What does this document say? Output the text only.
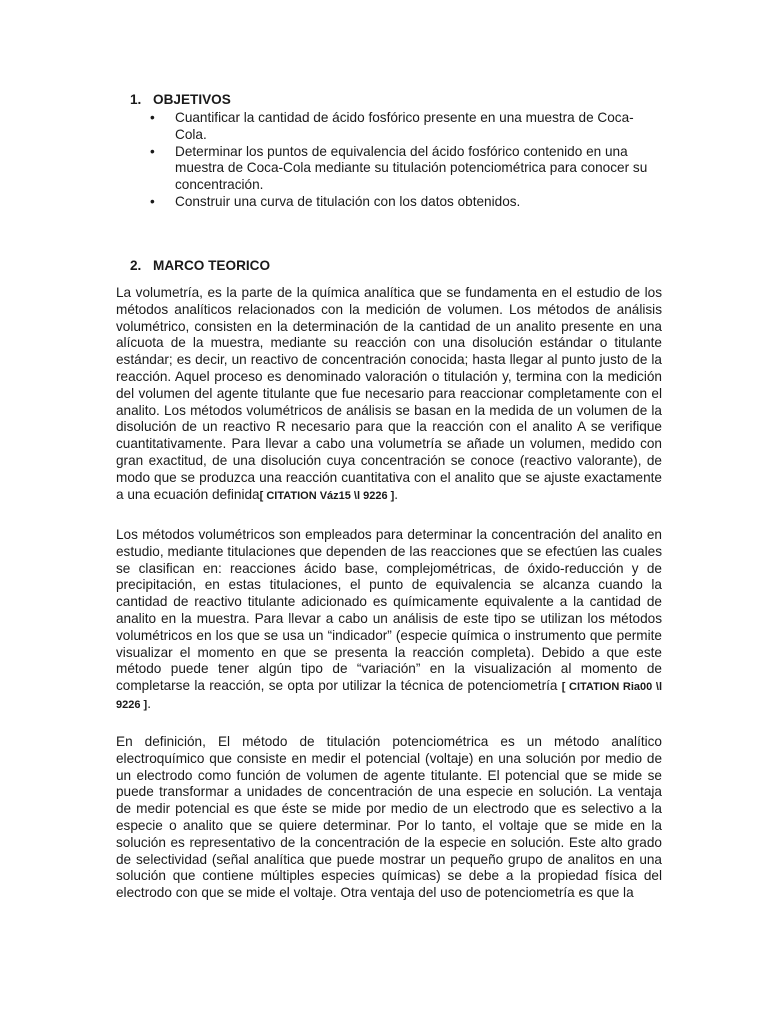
1. OBJETIVOS
• Cuantificar la cantidad de ácido fosfórico presente en una muestra de Coca-Cola.
• Determinar los puntos de equivalencia del ácido fosfórico contenido en una muestra de Coca-Cola mediante su titulación potenciométrica para conocer su concentración.
• Construir una curva de titulación con los datos obtenidos.
2. MARCO TEORICO

La volumetría, es la parte de la química analítica que se fundamenta en el estudio de los métodos analíticos relacionados con la medición de volumen. Los métodos de análisis volumétrico, consisten en la determinación de la cantidad de un analito presente en una alícuota de la muestra, mediante su reacción con una disolución estándar o titulante estándar; es decir, un reactivo de concentración conocida; hasta llegar al punto justo de la reacción. Aquel proceso es denominado valoración o titulación y, termina con la medición del volumen del agente titulante que fue necesario para reaccionar completamente con el analito. Los métodos volumétricos de análisis se basan en la medida de un volumen de la disolución de un reactivo R necesario para que la reacción con el analito A se verifique cuantitativamente. Para llevar a cabo una volumetría se añade un volumen, medido con gran exactitud, de una disolución cuya concentración se conoce (reactivo valorante), de modo que se produzca una reacción cuantitativa con el analito que se ajuste exactamente a una ecuación definida[ CITATION Váz15 \l 9226 ].

Los métodos volumétricos son empleados para determinar la concentración del analito en estudio, mediante titulaciones que dependen de las reacciones que se efectúen las cuales se clasifican en: reacciones ácido base, complejométricas, de óxido-reducción y de precipitación, en estas titulaciones, el punto de equivalencia se alcanza cuando la cantidad de reactivo titulante adicionado es químicamente equivalente a la cantidad de analito en la muestra. Para llevar a cabo un análisis de este tipo se utilizan los métodos volumétricos en los que se usa un “indicador” (especie química o instrumento que permite visualizar el momento en que se presenta la reacción completa). Debido a que este método puede tener algún tipo de “variación” en la visualización al momento de completarse la reacción, se opta por utilizar la técnica de potenciometría [ CITATION Ria00 \l 9226 ].

En definición, El método de titulación potenciométrica es un método analítico electroquímico que consiste en medir el potencial (voltaje) en una solución por medio de un electrodo como función de volumen de agente titulante. El potencial que se mide se puede transformar a unidades de concentración de una especie en solución. La ventaja de medir potencial es que éste se mide por medio de un electrodo que es selectivo a la especie o analito que se quiere determinar. Por lo tanto, el voltaje que se mide en la solución es representativo de la concentración de la especie en solución. Este alto grado de selectividad (señal analítica que puede mostrar un pequeño grupo de analitos en una solución que contiene múltiples especies químicas) se debe a la propiedad física del electrodo con que se mide el voltaje. Otra ventaja del uso de potenciometría es que la
